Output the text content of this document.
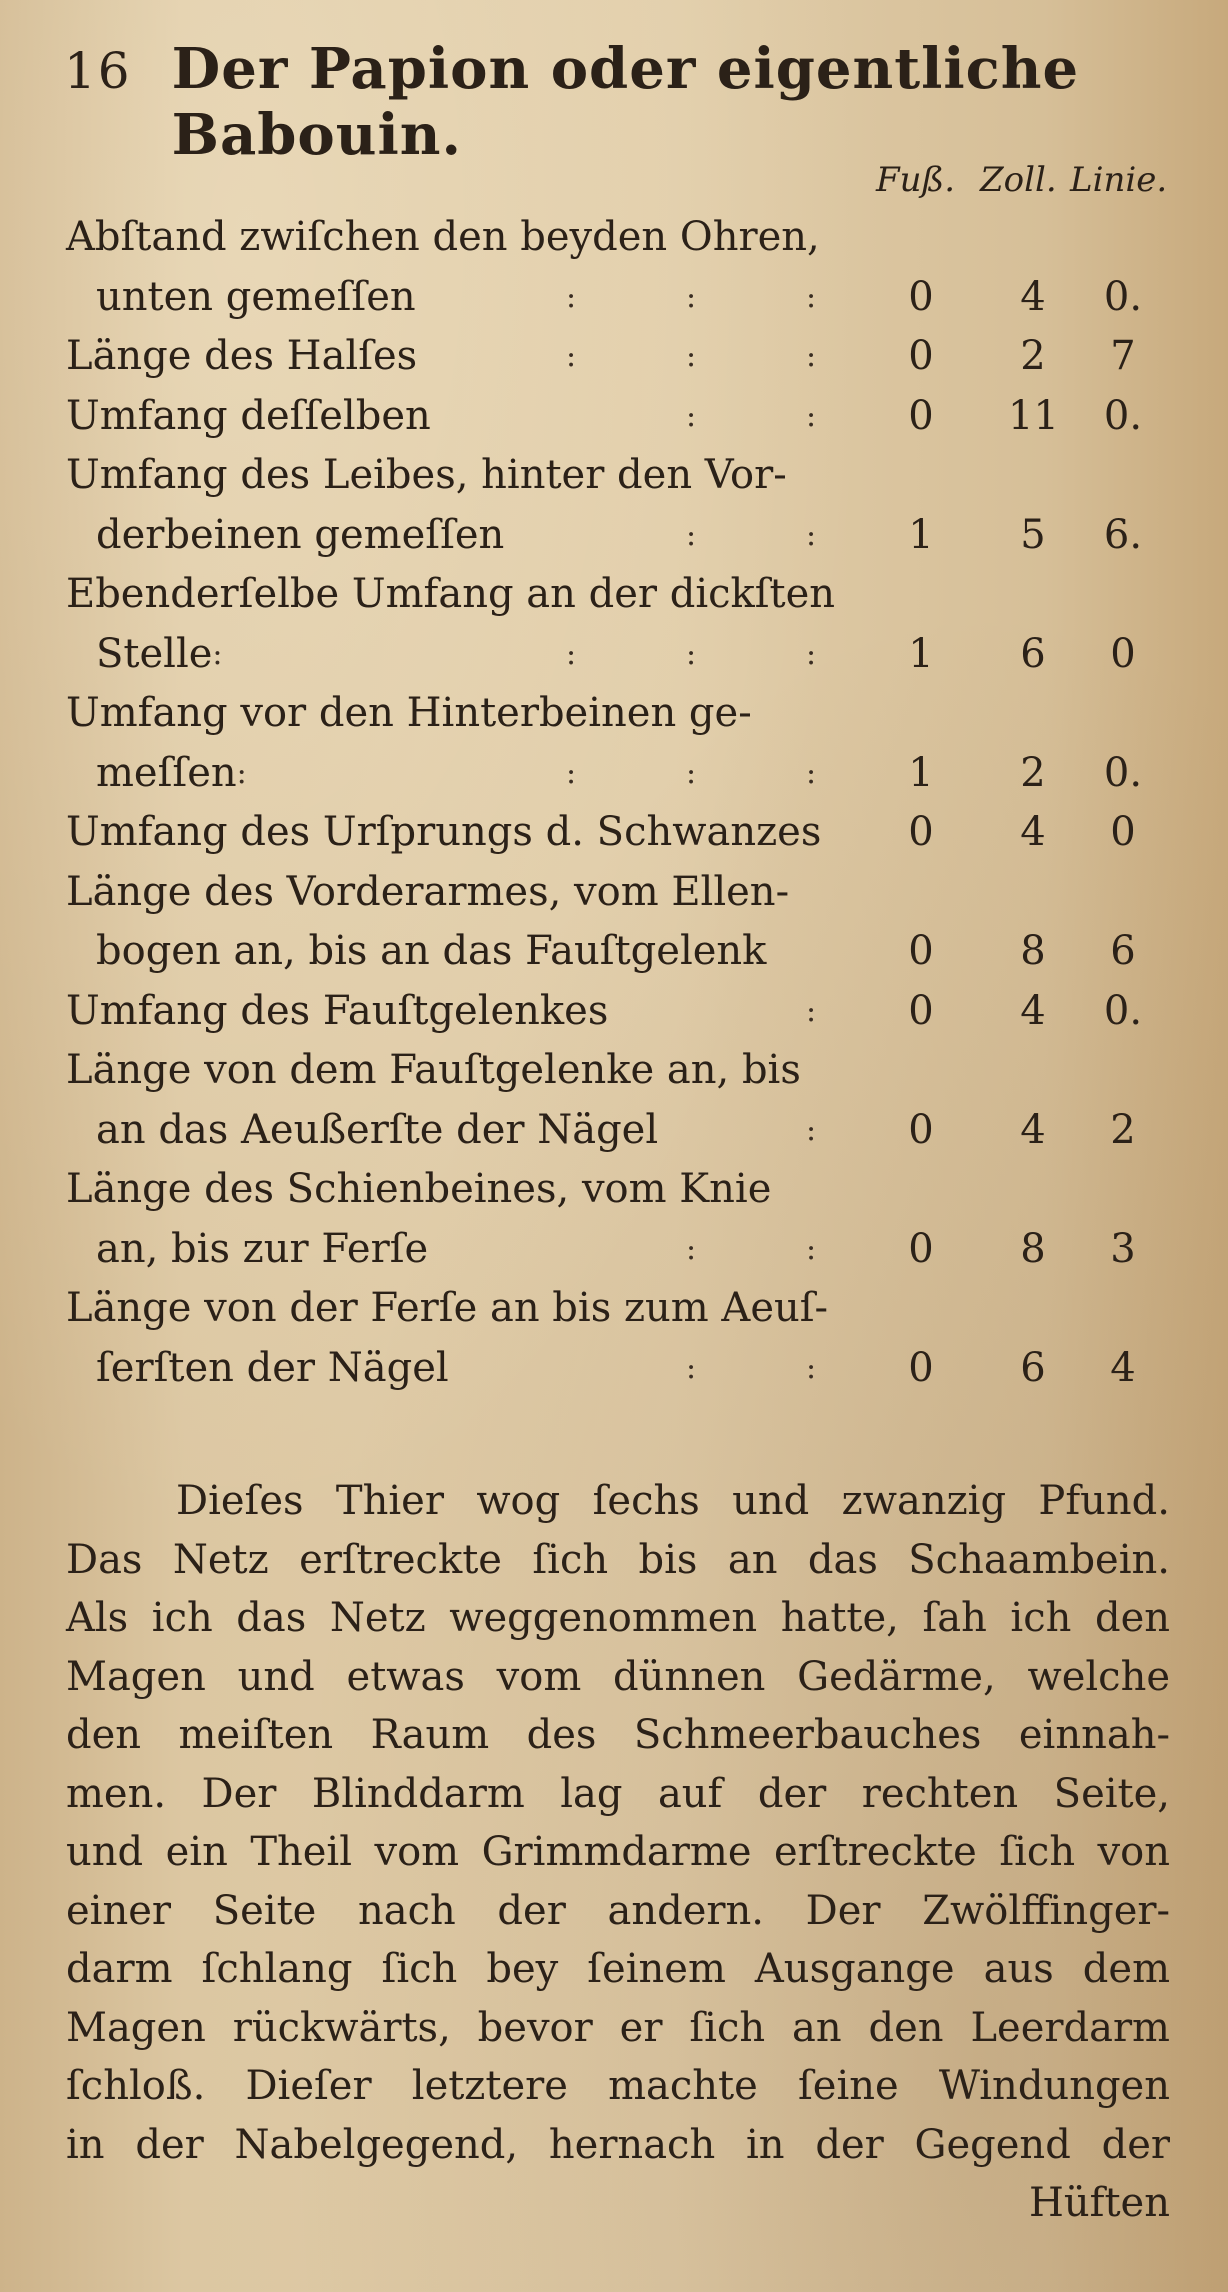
16 Der Papion oder eigentliche Babouin.
Fuß. Zoll. Linie.
Abſtand zwiſchen den beyden Ohren,
unten gemeſſen	:	:	:	0	4	0.
Länge des Halſes	:	:	:	0	2	7
Umfang deſſelben	:	:	0	11 0.
Umfang des Leibes, hinter den Vor-
derbeinen gemeſſen	:	:	1	5	6.
Ebenderſelbe Umfang an der dickſten
Stelle :	:	:	:	1	6	0
Umfang vor den Hinterbeinen ge-
meſſen :	:	:	:	1	2	0.
Umfang des Urſprungs d. Schwanzes	0	4	0
Länge des Vorderarmes, vom Ellen-
bogen an, bis an das Fauſtgelenk	0	8	6
Umfang des Fauſtgelenkes	:	0	4	0.
Länge von dem Fauſtgelenke an, bis
an das Aeußerſte der Nägel	:	0	4	2
Länge des Schienbeines, vom Knie
an, bis zur Ferſe	:	:	0	8	3
Länge von der Ferſe an bis zum Aeuſ-
ſerſten der Nägel	:	:	0	6	4
Dieſes Thier wog ſechs und zwanzig Pfund.
Das Netz erſtreckte ſich bis an das Schaambein.
Als ich das Netz weggenommen hatte, ſah ich den
Magen und etwas vom dünnen Gedärme, welche
den meiſten Raum des Schmeerbauches einnah-
men. Der Blinddarm lag auf der rechten Seite,
und ein Theil vom Grimmdarme erſtreckte ſich von
einer Seite nach der andern. Der Zwölffinger-
darm ſchlang ſich bey ſeinem Ausgange aus dem
Magen rückwärts, bevor er ſich an den Leerdarm
ſchloß. Dieſer letztere machte ſeine Windungen
in der Nabelgegend, hernach in der Gegend der
Hüften
